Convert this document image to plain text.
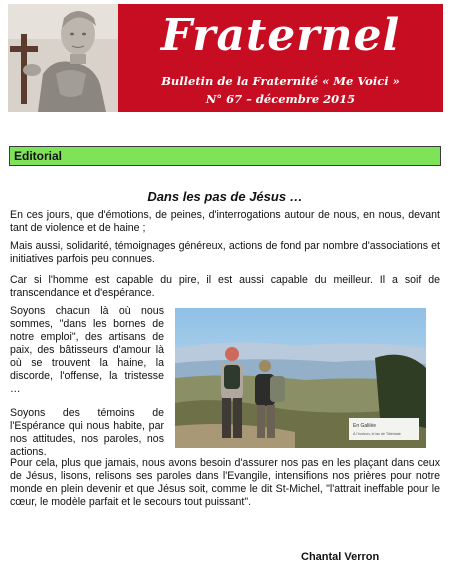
Fraternel
Bulletin de la Fraternité « Me Voici »
N° 67 – décembre 2015
Editorial
Dans les pas de Jésus …

En ces jours, que d'émotions, de peines, d'interrogations autour de nous, en nous, devant tant de violence et de haine ;

Mais aussi, solidarité, témoignages généreux, actions de fond par nombre d'associations et initiatives parfois peu connues.

Car si l'homme est capable du pire, il est aussi capable du meilleur. Il a soif de transcendance et d'espérance.

Soyons chacun là où nous sommes, "dans les bornes de notre emploi", des artisans de paix, des bâtisseurs d'amour là où se trouvent la haine, la discorde, l'offense, la tristesse …

Soyons des témoins de l'Espérance qui nous habite, par nos attitudes, nos paroles, nos actions.

Pour cela, plus que jamais, nous avons besoin d'assurer nos pas en les plaçant dans ceux de Jésus, lisons, relisons ses paroles dans l'Evangile, intensifions nos prières pour notre monde en plein devenir et que Jésus soit, comme le dit St-Michel, "l'attrait ineffable pour le cœur, le modèle parfait et le secours tout puissant".

En Galilée
À l'horizon, le lac de Tibériade
Chantal Verron
